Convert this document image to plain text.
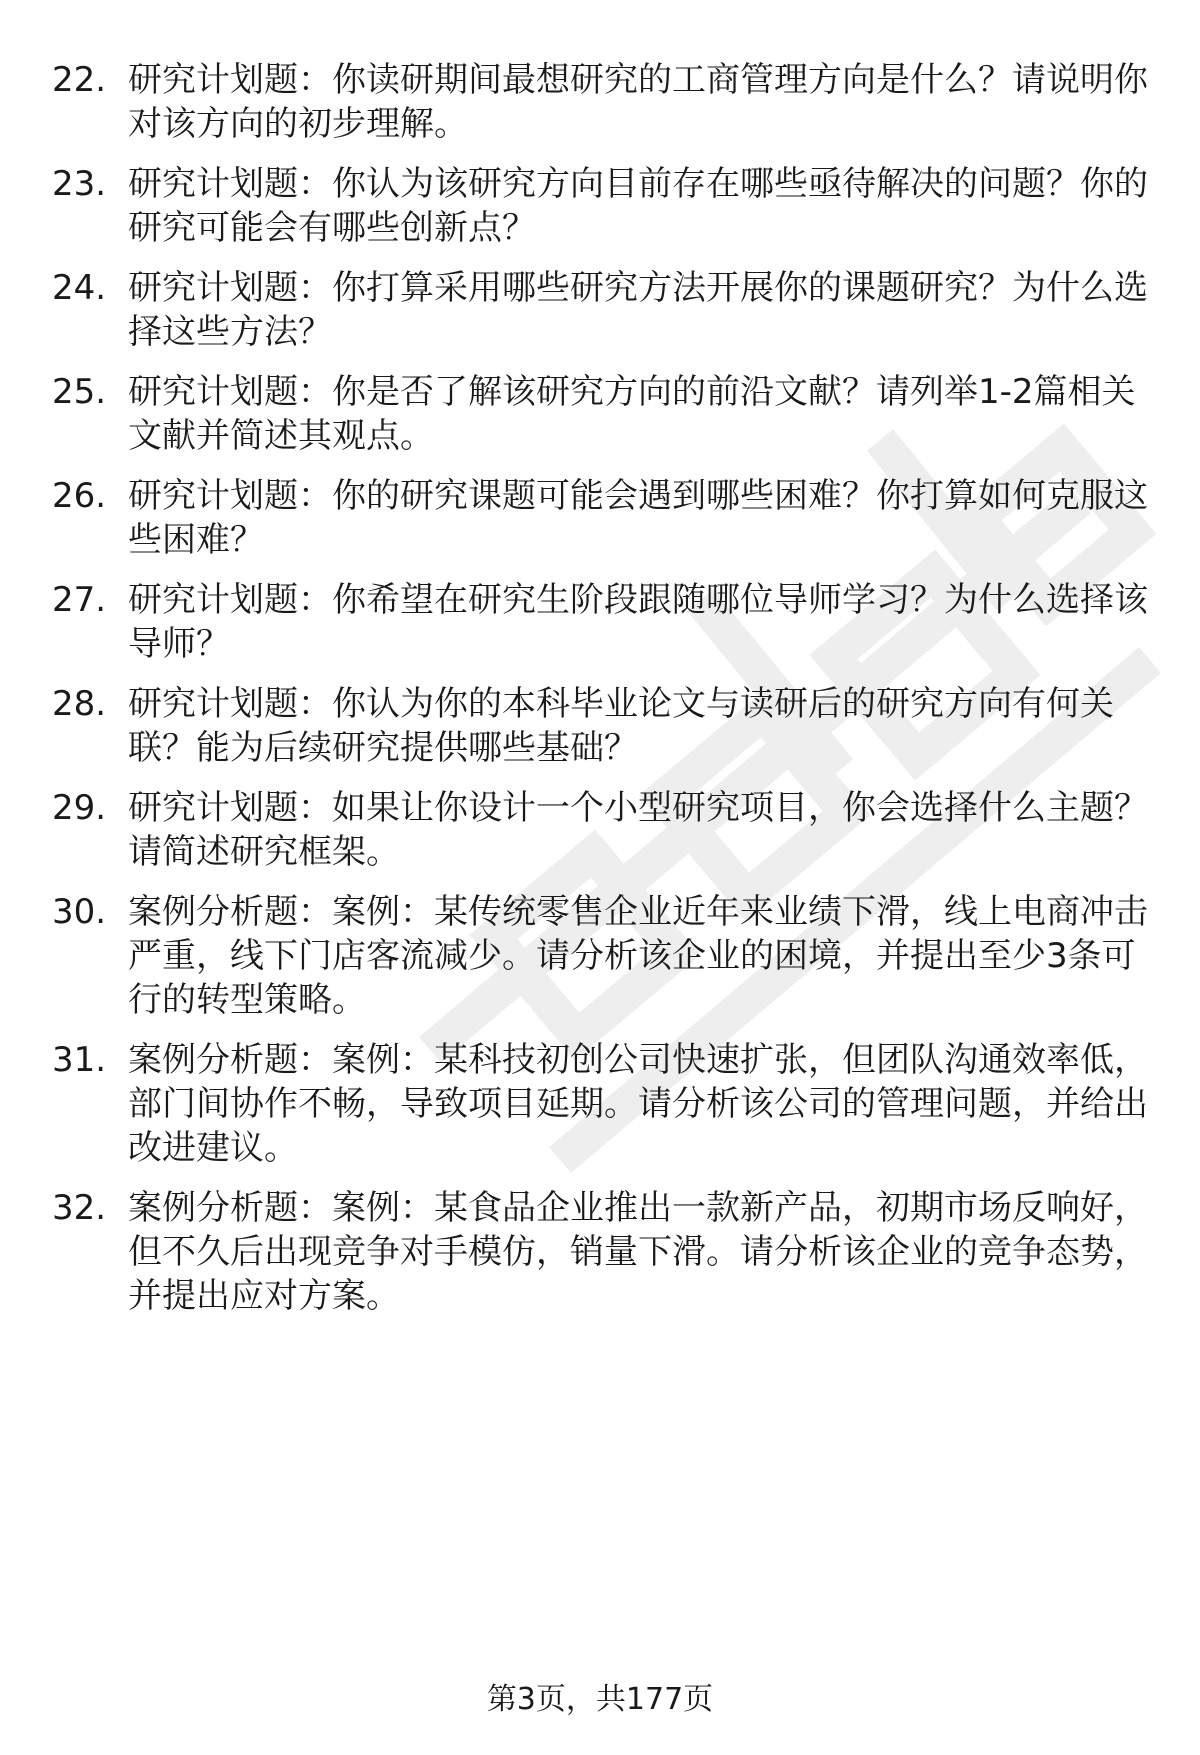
22. 研究计划题：你读研期间最想研究的工商管理方向是什么？请说明你对该方向的初步理解。
23. 研究计划题：你认为该研究方向目前存在哪些亟待解决的问题？你的研究可能会有哪些创新点？
24. 研究计划题：你打算采用哪些研究方法开展你的课题研究？为什么选择这些方法？
25. 研究计划题：你是否了解该研究方向的前沿文献？请列举1-2篇相关文献并简述其观点。
26. 研究计划题：你的研究课题可能会遇到哪些困难？你打算如何克服这些困难？
27. 研究计划题：你希望在研究生阶段跟随哪位导师学习？为什么选择该导师？
28. 研究计划题：你认为你的本科毕业论文与读研后的研究方向有何关联？能为后续研究提供哪些基础？
29. 研究计划题：如果让你设计一个小型研究项目，你会选择什么主题？请简述研究框架。
30. 案例分析题：案例：某传统零售企业近年来业绩下滑，线上电商冲击严重，线下门店客流减少。请分析该企业的困境，并提出至少3条可行的转型策略。
31. 案例分析题：案例：某科技初创公司快速扩张，但团队沟通效率低，部门间协作不畅，导致项目延期。请分析该公司的管理问题，并给出改进建议。
32. 案例分析题：案例：某食品企业推出一款新产品，初期市场反响好，但不久后出现竞争对手模仿，销量下滑。请分析该企业的竞争态势，并提出应对方案。
第3页，共177页
